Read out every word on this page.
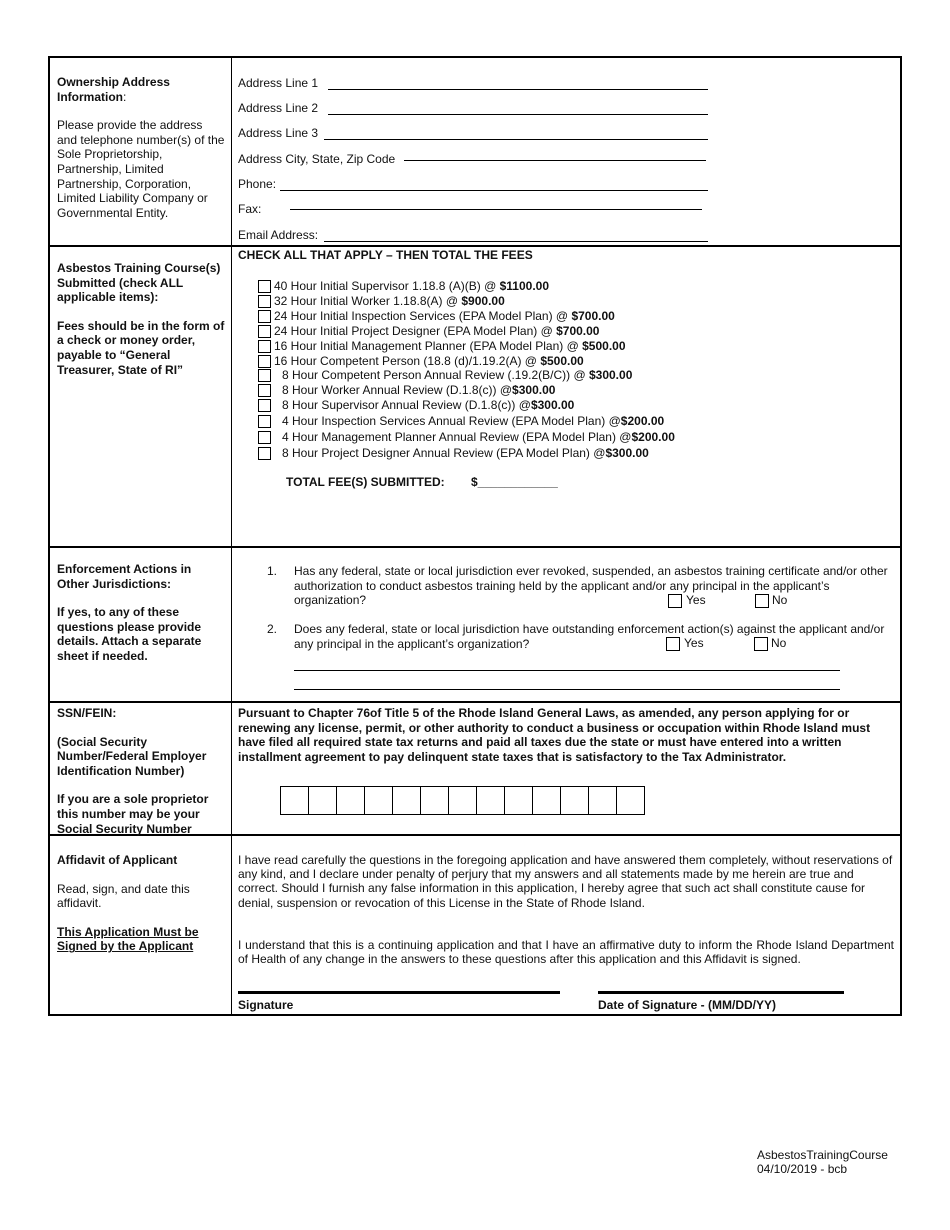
Ownership Address Information:

Please provide the address and telephone number(s) of the Sole Proprietorship, Partnership, Limited Partnership, Corporation, Limited Liability Company or Governmental Entity.

Address Line 1
Address Line 2
Address Line 3
Address City, State, Zip Code
Phone:
Fax:
Email Address:

Asbestos Training Course(s) Submitted (check ALL applicable items):

Fees should be in the form of a check or money order, payable to “General Treasurer, State of RI”

CHECK ALL THAT APPLY – THEN TOTAL THE FEES
40 Hour Initial Supervisor 1.18.8 (A)(B) @ $1100.00
32 Hour Initial Worker 1.18.8(A) @ $900.00
24 Hour Initial Inspection Services (EPA Model Plan) @ $700.00
24 Hour Initial Project Designer (EPA Model Plan) @ $700.00
16 Hour Initial Management Planner (EPA Model Plan) @ $500.00
16 Hour Competent Person (18.8 (d)/1.19.2(A) @ $500.00
8 Hour Competent Person Annual Review (.19.2(B/C)) @ $300.00
8 Hour Worker Annual Review (D.1.8(c)) @$300.00
8 Hour Supervisor Annual Review (D.1.8(c)) @$300.00
4 Hour Inspection Services Annual Review (EPA Model Plan) @$200.00
4 Hour Management Planner Annual Review (EPA Model Plan) @$200.00
8 Hour Project Designer Annual Review (EPA Model Plan) @$300.00
TOTAL FEE(S) SUBMITTED: $____________

Enforcement Actions in Other Jurisdictions:

If yes, to any of these questions please provide details. Attach a separate sheet if needed.

1. Has any federal, state or local jurisdiction ever revoked, suspended, an asbestos training certificate and/or other authorization to conduct asbestos training held by the applicant and/or any principal in the applicant’s organization?	Yes	No
2. Does any federal, state or local jurisdiction have outstanding enforcement action(s) against the applicant and/or any principal in the applicant’s organization?	Yes	No

SSN/FEIN:

(Social Security Number/Federal Employer Identification Number)

If you are a sole proprietor this number may be your Social Security Number

Pursuant to Chapter 76of Title 5 of the Rhode Island General Laws, as amended, any person applying for or renewing any license, permit, or other authority to conduct a business or occupation within Rhode Island must have filed all required state tax returns and paid all taxes due the state or must have entered into a written installment agreement to pay delinquent state taxes that is satisfactory to the Tax Administrator.

Affidavit of Applicant

Read, sign, and date this affidavit.

This Application Must be Signed by the Applicant

I have read carefully the questions in the foregoing application and have answered them completely, without reservations of any kind, and I declare under penalty of perjury that my answers and all statements made by me herein are true and correct. Should I furnish any false information in this application, I hereby agree that such act shall constitute cause for denial, suspension or revocation of this License in the State of Rhode Island.
I understand that this is a continuing application and that I have an affirmative duty to inform the Rhode Island Department of Health of any change in the answers to these questions after this application and this Affidavit is signed.
Signature	Date of Signature - (MM/DD/YY)
AsbestosTrainingCourse
04/10/2019 - bcb
